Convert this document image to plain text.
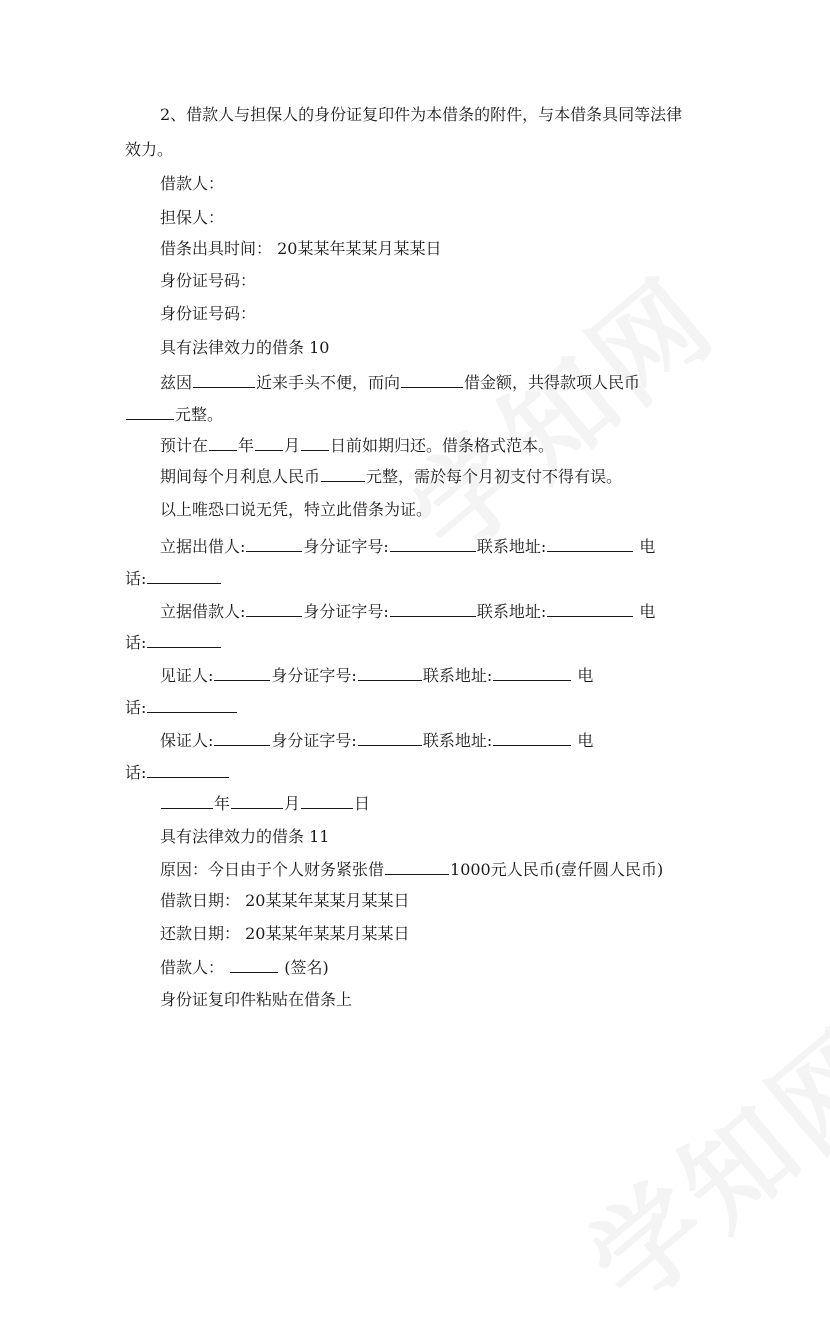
2、借款人与担保人的身份证复印件为本借条的附件，与本借条具同等法律
效力。
借款人：
担保人：
借条出具时间： 20某某年某某月某某日
身份证号码：
身份证号码：
具有法律效力的借条 10
兹因	近来手头不便，而向	借金额，共得款项人民币
元整。
预计在 年 月 日前如期归还。借条格式范本。
期间每个月利息人民币	元整，需於每个月初支付不得有误。
以上唯恐口说无凭，特立此借条为证。
立据出借人:	身分证字号:	联系地址:	电
话:
立据借款人:	身分证字号:	联系地址:	电
话:
见证人:	身分证字号:	联系地址:	电
话:
保证人:	身分证字号:	联系地址:	电
话:
年	月	日
具有法律效力的借条 11
原因：今日由于个人财务紧张借	1000元人民币(壹仟圆人民币)
借款日期： 20某某年某某月某某日
还款日期： 20某某年某某月某某日
借款人：	(签名)
身份证复印件粘贴在借条上
